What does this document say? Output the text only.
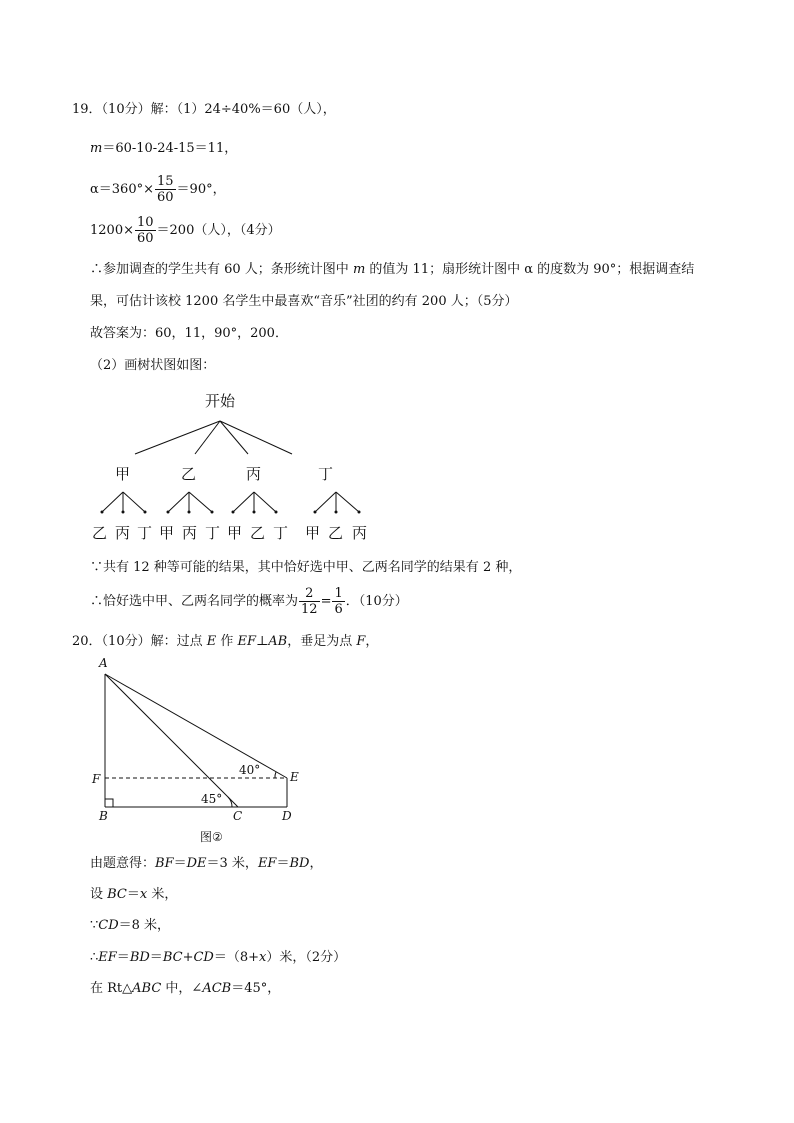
19．（10分）解：（1）24÷40%＝60（人），
m＝60-10-24-15＝11，
$\alpha=360^\circ\times \frac{15}{60} =90^\circ$，
$1200\times \frac{10}{60} =200$（人），（4分）
∴参加调查的学生共有 60 人；条形统计图中 m 的值为 11；扇形统计图中 α 的度数为 90°；根据调查结
果，可估计该校 1200 名学生中最喜欢“音乐”社团的约有 200 人；（5分）
故答案为：60，11，90°，200．
（2）画树状图如图：
开始
甲	乙	丙	丁
乙 丙 丁 甲 丙 丁 甲 乙 丁 甲 乙 丙
∵共有 12 种等可能的结果，其中恰好选中甲、乙两名同学的结果有 2 种，
∴恰好选中甲、乙两名同学的概率为 $\frac{2}{12} = \frac{1}{6}$ ．（10分）
20．（10分）解：过点 E 作 EF⊥AB，垂足为点 F，
A
F
B	C	D
E
40°
45°
图②
由题意得：BF＝DE＝3 米，EF＝BD，
设 BC＝x 米，
∵CD＝8 米，
∴EF＝BD＝BC+CD＝（8+x）米，（2分）
在 Rt△ABC 中，∠ACB＝45°，
